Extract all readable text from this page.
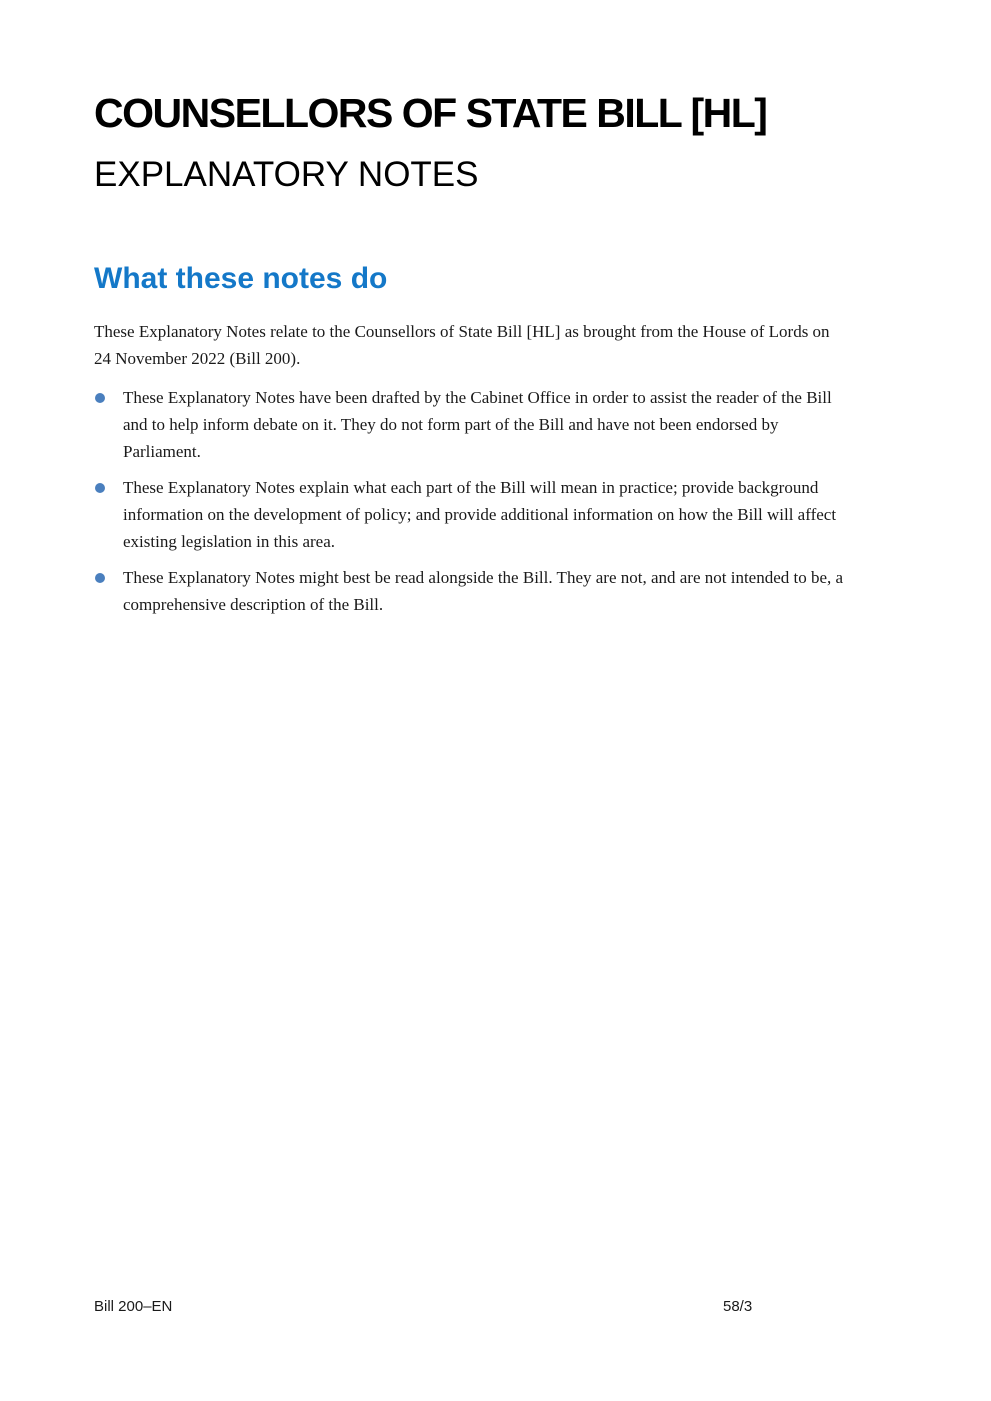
COUNSELLORS OF STATE BILL [HL]
EXPLANATORY NOTES
What these notes do

These Explanatory Notes relate to the Counsellors of State Bill [HL] as brought from the House of Lords on 24 November 2022 (Bill 200).

These Explanatory Notes have been drafted by the Cabinet Office in order to assist the reader of the Bill and to help inform debate on it. They do not form part of the Bill and have not been endorsed by Parliament.
These Explanatory Notes explain what each part of the Bill will mean in practice; provide background information on the development of policy; and provide additional information on how the Bill will affect existing legislation in this area.
These Explanatory Notes might best be read alongside the Bill. They are not, and are not intended to be, a comprehensive description of the Bill.
Bill 200–EN	58/3
